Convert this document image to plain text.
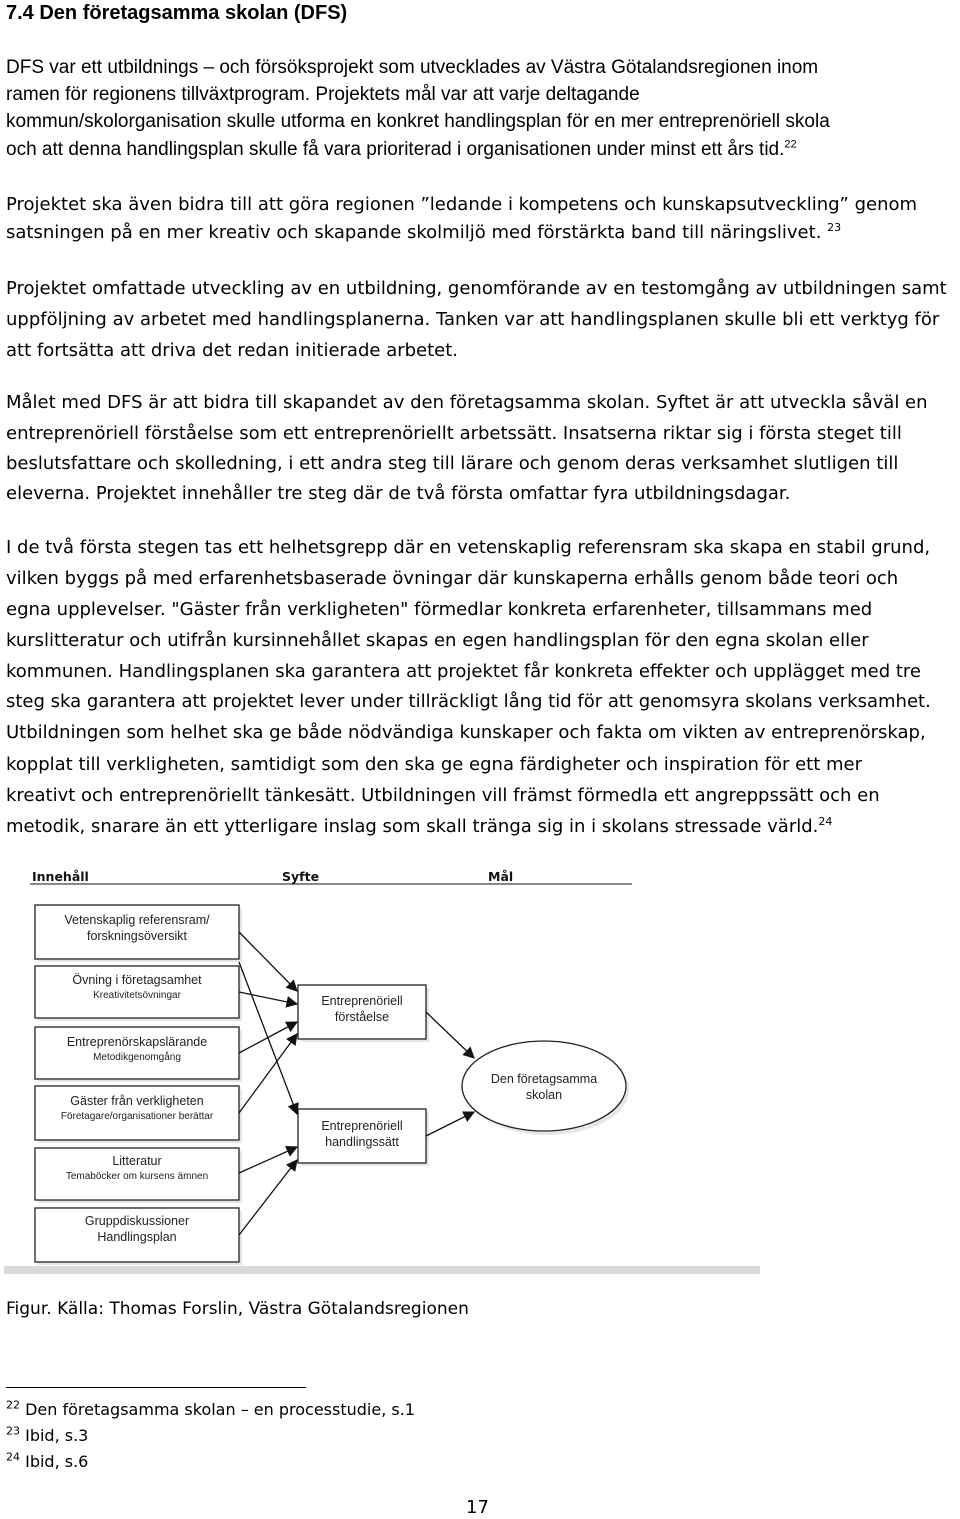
7.4 Den företagsamma skolan (DFS)
DFS var ett utbildnings – och försöksprojekt som utvecklades av Västra Götalandsregionen inom
ramen för regionens tillväxtprogram. Projektets mål var att varje deltagande
kommun/skolorganisation skulle utforma en konkret handlingsplan för en mer entreprenöriell skola
och att denna handlingsplan skulle få vara prioriterad i organisationen under minst ett års tid.$^{22}$
Projektet ska även bidra till att göra regionen ”ledande i kompetens och kunskapsutveckling” genom
satsningen på en mer kreativ och skapande skolmiljö med förstärkta band till näringslivet. $^{23}$
Projektet omfattade utveckling av en utbildning, genomförande av en testomgång av utbildningen samt
uppföljning av arbetet med handlingsplanerna. Tanken var att handlingsplanen skulle bli ett verktyg för
att fortsätta att driva det redan initierade arbetet.
Målet med DFS är att bidra till skapandet av den företagsamma skolan. Syftet är att utveckla såväl en
entreprenöriell förståelse som ett entreprenöriellt arbetssätt. Insatserna riktar sig i första steget till
beslutsfattare och skolledning, i ett andra steg till lärare och genom deras verksamhet slutligen till
eleverna. Projektet innehåller tre steg där de två första omfattar fyra utbildningsdagar.
I de två första stegen tas ett helhetsgrepp där en vetenskaplig referensram ska skapa en stabil grund,
vilken byggs på med erfarenhetsbaserade övningar där kunskaperna erhålls genom både teori och
egna upplevelser. "Gäster från verkligheten" förmedlar konkreta erfarenheter, tillsammans med
kurslitteratur och utifrån kursinnehållet skapas en egen handlingsplan för den egna skolan eller
kommunen. Handlingsplanen ska garantera att projektet får konkreta effekter och upplägget med tre
steg ska garantera att projektet lever under tillräckligt lång tid för att genomsyra skolans verksamhet.
Utbildningen som helhet ska ge både nödvändiga kunskaper och fakta om vikten av entreprenörskap,
kopplat till verkligheten, samtidigt som den ska ge egna färdigheter och inspiration för ett mer
kreativt och entreprenöriellt tänkesätt. Utbildningen vill främst förmedla ett angreppssätt och en
metodik, snarare än ett ytterligare inslag som skall tränga sig in i skolans stressade värld.$^{24}$
Innehåll	Syfte	Mål
Vetenskaplig referensram/
forskningsöversikt
Övning i företagsamhet
Kreativitetsövningar
Entreprenörskapslärande
Metodikgenomgång
Gäster från verkligheten
Företagare/organisationer berättar
Litteratur
Temaböcker om kursens ämnen
Gruppdiskussioner
Handlingsplan
Entreprenöriell
förståelse
Entreprenöriell
handlingssätt
Den företagsamma
skolan
Figur. Källa: Thomas Forslin, Västra Götalandsregionen
$^{22}$ Den företagsamma skolan – en processtudie, s.1
$^{23}$ Ibid, s.3
$^{24}$ Ibid, s.6
17
